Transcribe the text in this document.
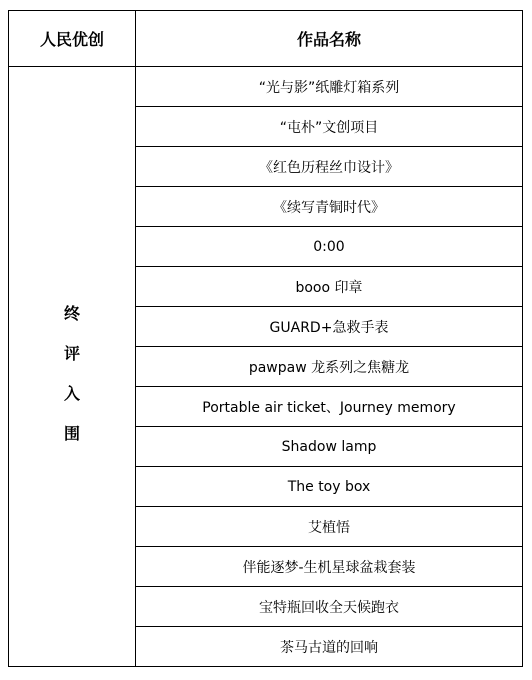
人民优创	作品名称

终
评
入
围	“光与影”纸雕灯箱系列
	“屯朴”文创项目
	《红色历程丝巾设计》
	《续写青铜时代》
	0:00
	booo 印章
	GUARD+急救手表
	pawpaw 龙系列之焦糖龙
	Portable air ticket、Journey memory
	Shadow lamp
	The toy box
	艾植悟
	伴能逐梦-生机星球盆栽套装
	宝特瓶回收全天候跑衣
	茶马古道的回响
